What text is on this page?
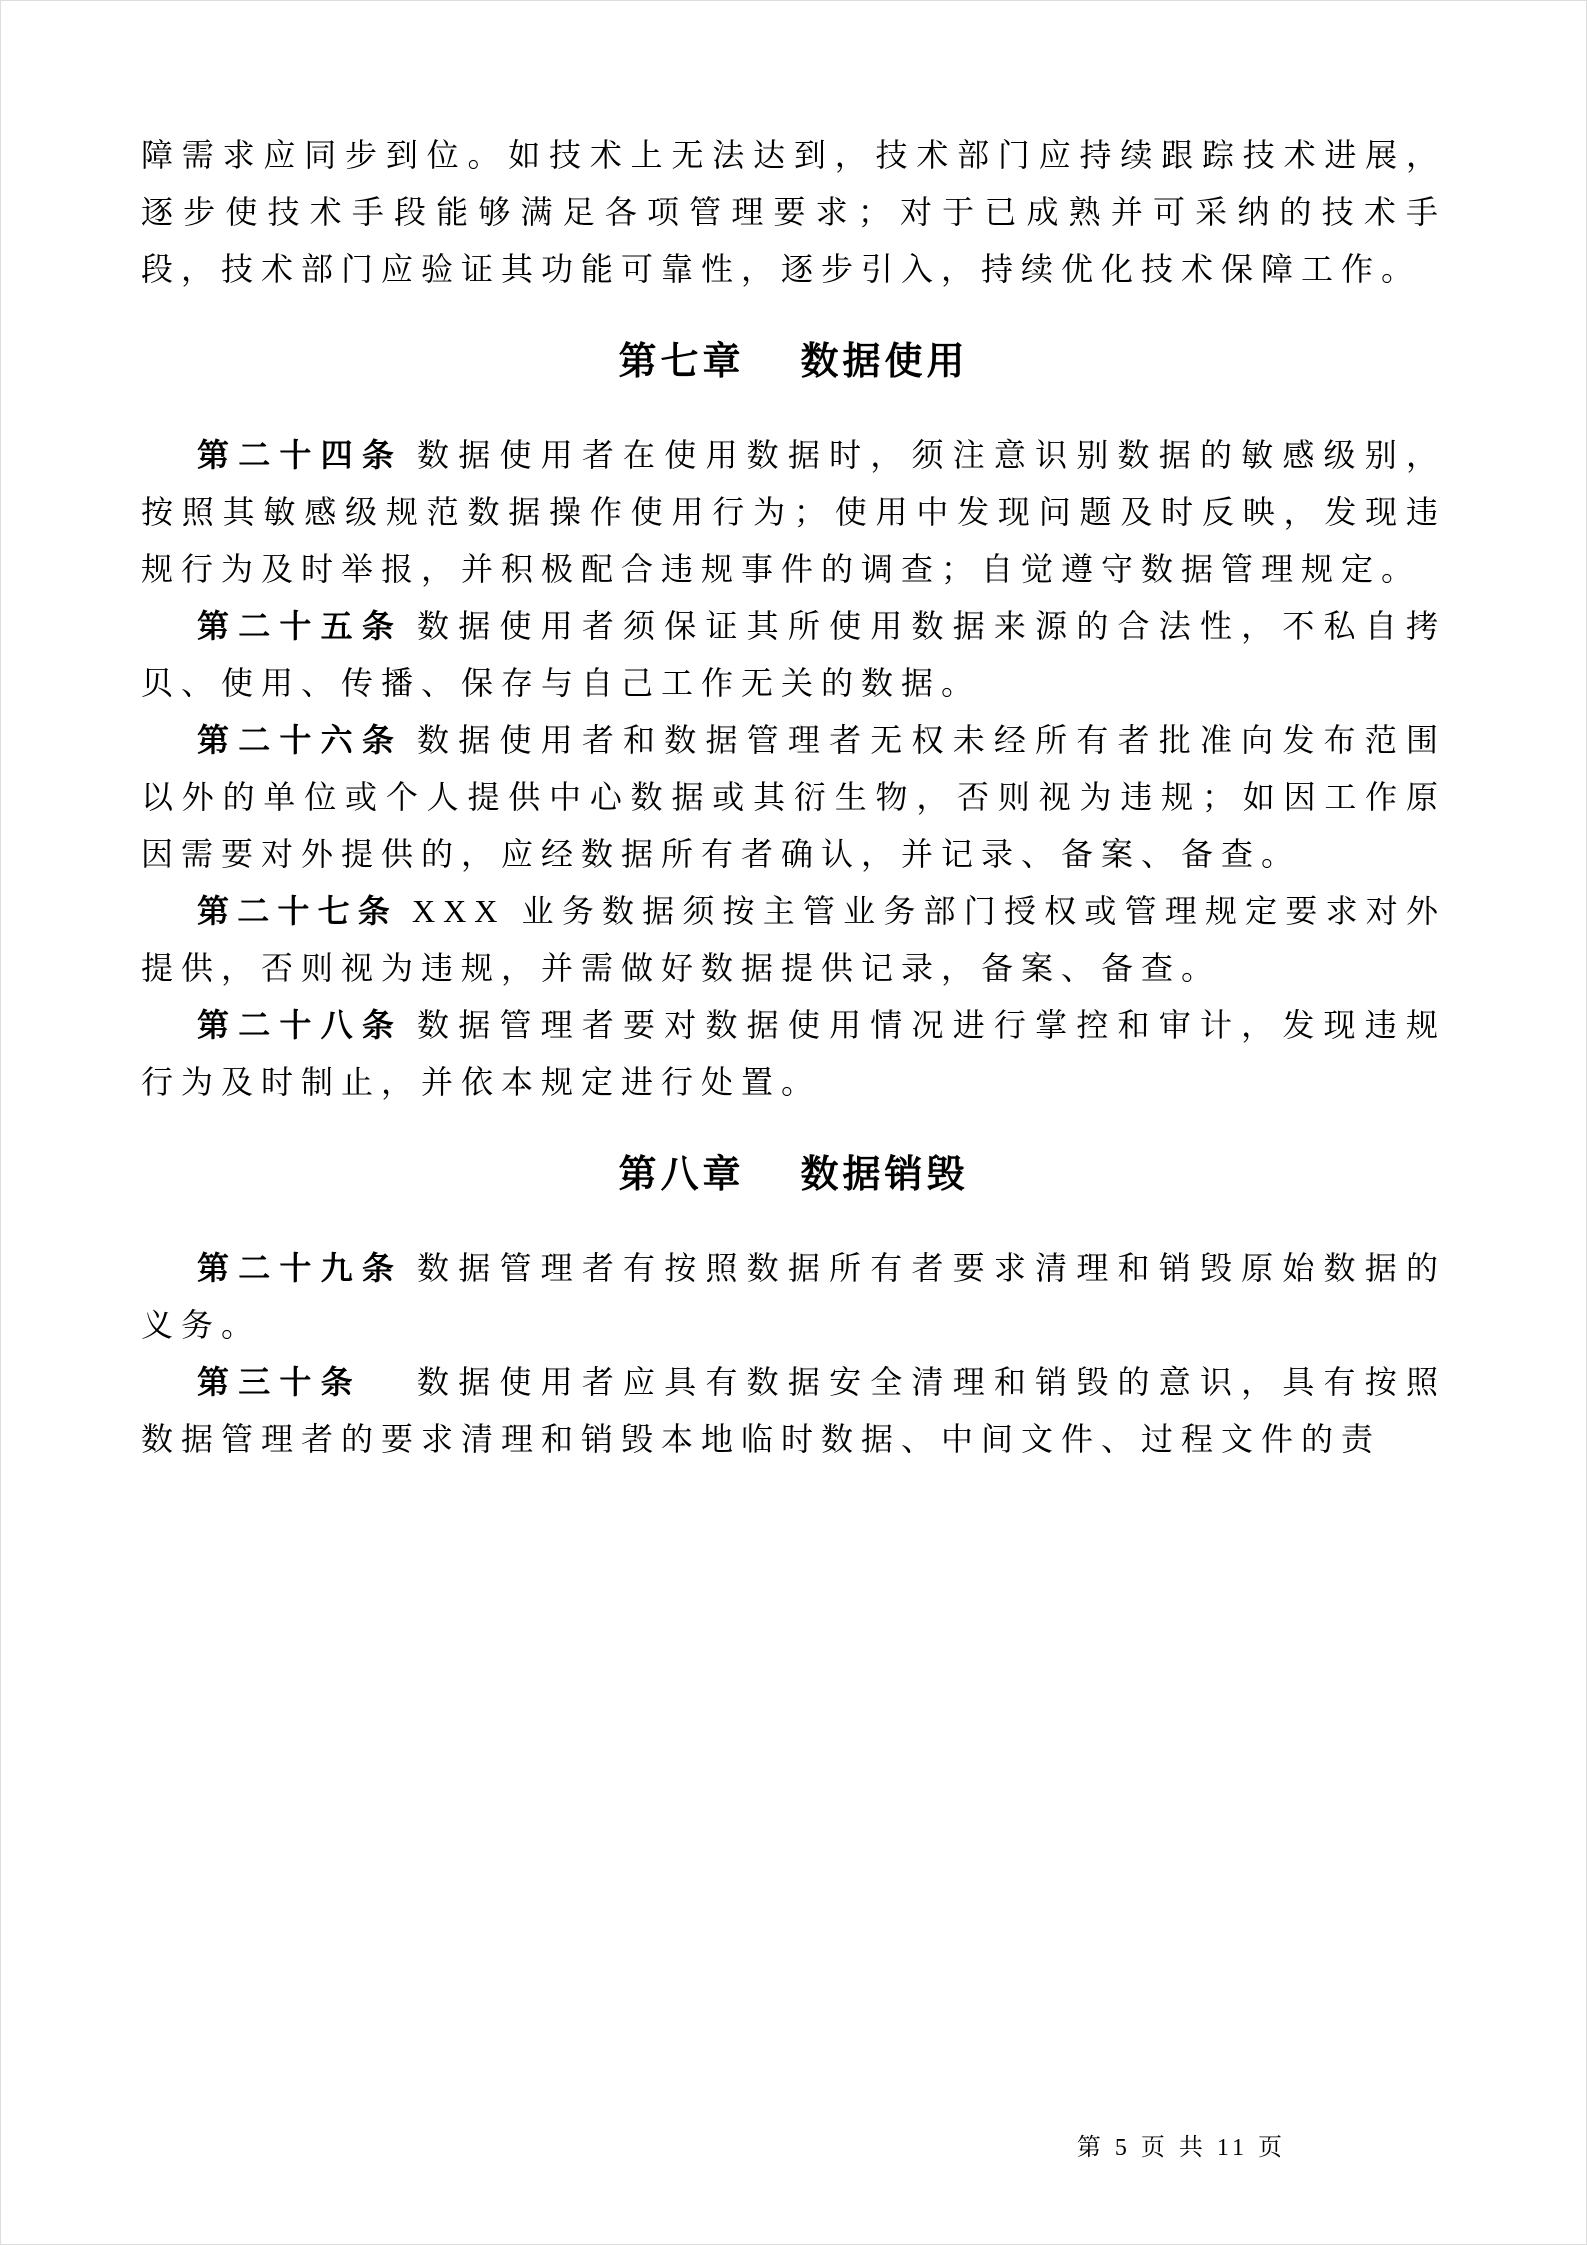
障需求应同步到位。如技术上无法达到，技术部门应持续跟踪技术进展，逐步使技术手段能够满足各项管理要求；对于已成熟并可采纳的技术手段，技术部门应验证其功能可靠性，逐步引入，持续优化技术保障工作。

第七章 数据使用

第二十四条 数据使用者在使用数据时，须注意识别数据的敏感级别，按照其敏感级规范数据操作使用行为；使用中发现问题及时反映，发现违规行为及时举报，并积极配合违规事件的调查；自觉遵守数据管理规定。

第二十五条 数据使用者须保证其所使用数据来源的合法性，不私自拷贝、使用、传播、保存与自己工作无关的数据。

第二十六条 数据使用者和数据管理者无权未经所有者批准向发布范围以外的单位或个人提供中心数据或其衍生物，否则视为违规；如因工作原因需要对外提供的，应经数据所有者确认，并记录、备案、备查。

第二十七条 XXX 业务数据须按主管业务部门授权或管理规定要求对外提供，否则视为违规，并需做好数据提供记录，备案、备查。

第二十八条 数据管理者要对数据使用情况进行掌控和审计，发现违规行为及时制止，并依本规定进行处置。

第八章 数据销毁

第二十九条 数据管理者有按照数据所有者要求清理和销毁原始数据的义务。

第三十条　数据使用者应具有数据安全清理和销毁的意识，具有按照数据管理者的要求清理和销毁本地临时数据、中间文件、过程文件的责

第 5 页 共 11 页
